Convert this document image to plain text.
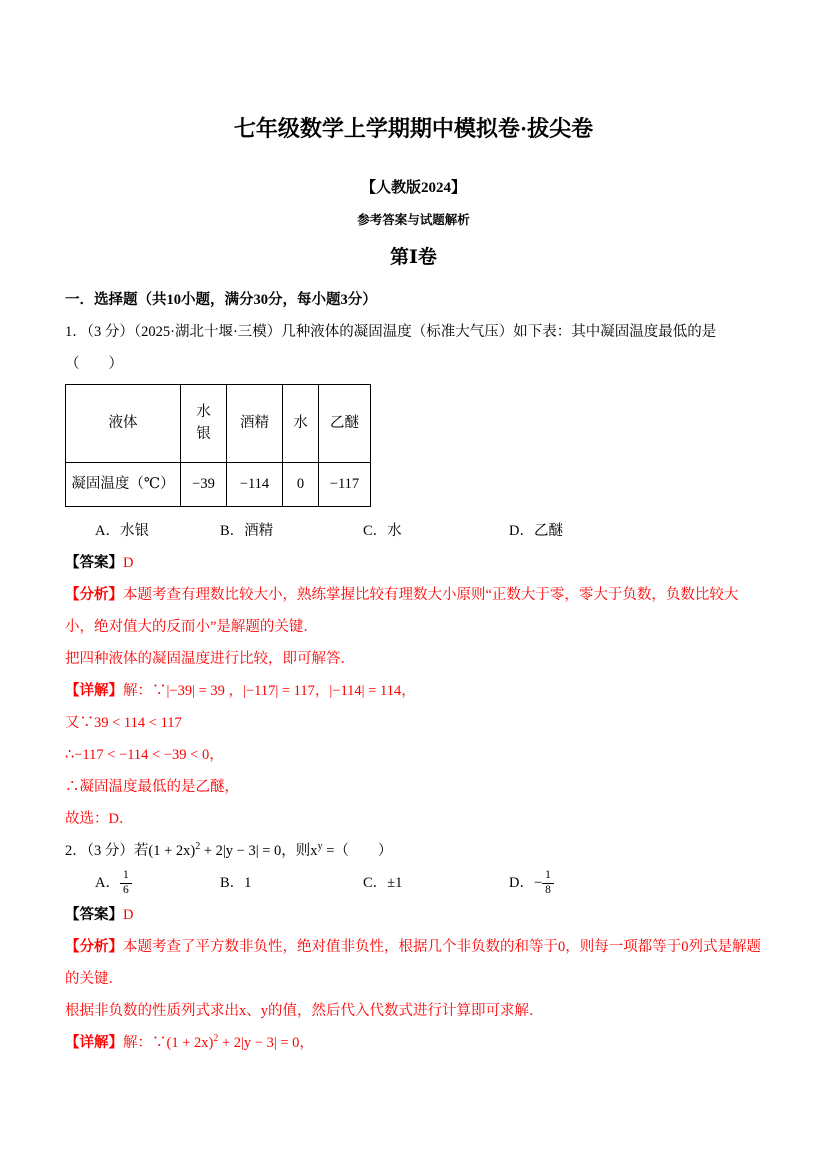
七年级数学上学期期中模拟卷·拔尖卷
【人教版2024】
参考答案与试题解析
第Ⅰ卷
一．选择题（共10小题，满分30分，每小题3分）
1．（3 分）（2025·湖北十堰·三模）几种液体的凝固温度（标准大气压）如下表：其中凝固温度最低的是（　　）
液体	水银	酒精	水	乙醚
凝固温度（℃）	−39	−114	0	−117
A．水银	B．酒精	C．水	D．乙醚
【答案】D
【分析】本题考查有理数比较大小，熟练掌握比较有理数大小原则“正数大于零，零大于负数，负数比较大小，绝对值大的反而小”是解题的关键．
把四种液体的凝固温度进行比较，即可解答．
【详解】解：∵|−39| = 39 ，|−117| = 117，|−114| = 114，
又∵39 < 114 < 117
∴−117 < −114 < −39 < 0，
∴凝固温度最低的是乙醚，
故选：D．
2．（3 分）若$(1 + 2x)^2 + 2|y - 3| = 0$，则$x^y$ =（　　）
A． $\frac{1}{6}$	B．1	C．±1	D．− $\frac{1}{8}$
【答案】D
【分析】本题考查了平方数非负性，绝对值非负性，根据几个非负数的和等于0，则每一项都等于0列式是解题的关键．
根据非负数的性质列式求出x、y的值，然后代入代数式进行计算即可求解．
【详解】解：∵(1 + 2x)$^2$ + 2|y − 3| = 0，
